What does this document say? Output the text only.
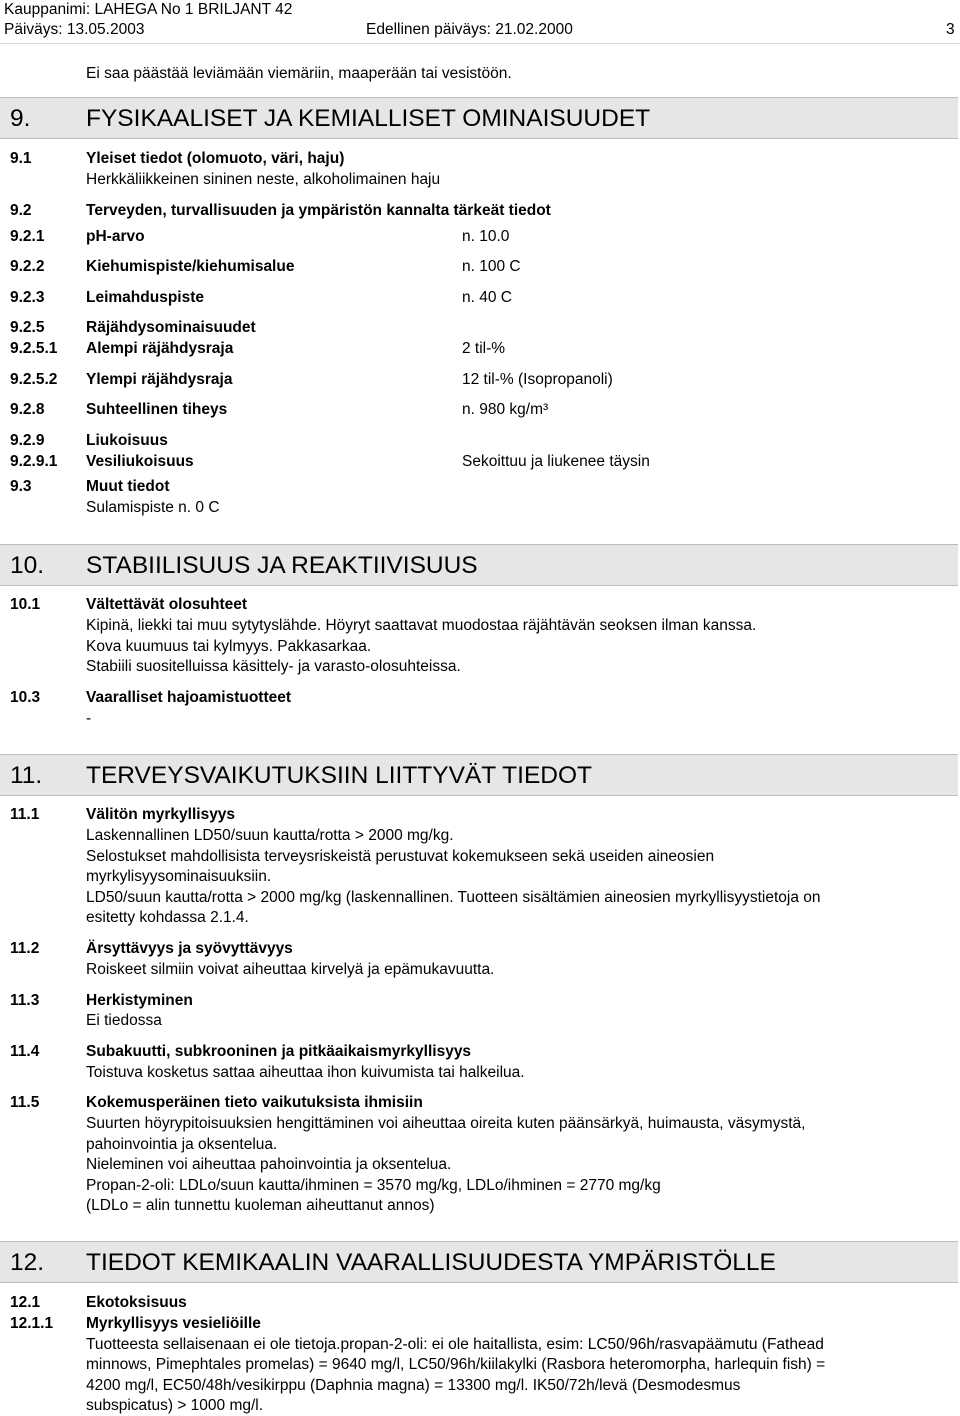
Kauppanimi: LAHEGA No 1 BRILJANT 42
Päiväys: 13.05.2003	Edellinen päiväys: 21.02.2000	3
Ei saa päästää leviämään viemäriin, maaperään tai vesistöön.
9. FYSIKAALISET JA KEMIALLISET OMINAISUUDET
9.1	Yleiset tiedot (olomuoto, väri, haju)
Herkkäliikkeinen sininen neste, alkoholimainen haju
9.2	Terveyden, turvallisuuden ja ympäristön kannalta tärkeät tiedot
9.2.1	pH-arvo	n. 10.0
9.2.2	Kiehumispiste/kiehumisalue	n. 100 C
9.2.3	Leimahduspiste	n. 40 C
9.2.5	Räjähdysominaisuudet
9.2.5.1 Alempi räjähdysraja	2 til-%
9.2.5.2 Ylempi räjähdysraja	12 til-% (Isopropanoli)
9.2.8	Suhteellinen tiheys	n. 980 kg/m³
9.2.9	Liukoisuus
9.2.9.1 Vesiliukoisuus	Sekoittuu ja liukenee täysin
9.3	Muut tiedot
Sulamispiste n. 0 C
10. STABIILISUUS JA REAKTIIVISUUS
10.1	Vältettävät olosuhteet
Kipinä, liekki tai muu sytytyslähde. Höyryt saattavat muodostaa räjähtävän seoksen ilman kanssa.
Kova kuumuus tai kylmyys. Pakkasarkaa.
Stabiili suositelluissa käsittely- ja varasto-olosuhteissa.
10.3	Vaaralliset hajoamistuotteet
-
11. TERVEYSVAIKUTUKSIIN LIITTYVÄT TIEDOT
11.1	Välitön myrkyllisyys
Laskennallinen LD50/suun kautta/rotta > 2000 mg/kg.
Selostukset mahdollisista terveysriskeistä perustuvat kokemukseen sekä useiden aineosien
myrkylisyysominaisuuksiin.
LD50/suun kautta/rotta > 2000 mg/kg (laskennallinen. Tuotteen sisältämien aineosien myrkyllisyystietoja on
esitetty kohdassa 2.1.4.
11.2	Ärsyttävyys ja syövyttävyys
Roiskeet silmiin voivat aiheuttaa kirvelyä ja epämukavuutta.
11.3	Herkistyminen
Ei tiedossa
11.4	Subakuutti, subkrooninen ja pitkäaikaismyrkyllisyys
Toistuva kosketus sattaa aiheuttaa ihon kuivumista tai halkeilua.
11.5	Kokemusperäinen tieto vaikutuksista ihmisiin
Suurten höyrypitoisuuksien hengittäminen voi aiheuttaa oireita kuten päänsärkyä, huimausta, väsymystä,
pahoinvointia ja oksentelua.
Nieleminen voi aiheuttaa pahoinvointia ja oksentelua.
Propan-2-oli: LDLo/suun kautta/ihminen = 3570 mg/kg, LDLo/ihminen = 2770 mg/kg
(LDLo = alin tunnettu kuoleman aiheuttanut annos)
12. TIEDOT KEMIKAALIN VAARALLISUUDESTA YMPÄRISTÖLLE
12.1	Ekotoksisuus
12.1.1 Myrkyllisyys vesieliöille
Tuotteesta sellaisenaan ei ole tietoja.propan-2-oli: ei ole haitallista, esim: LC50/96h/rasvapäämutu (Fathead
minnows, Pimephtales promelas) = 9640 mg/l, LC50/96h/kiilakylki (Rasbora heteromorpha, harlequin fish) =
4200 mg/l, EC50/48h/vesikirppu (Daphnia magna) = 13300 mg/l. IK50/72h/levä (Desmodesmus
subspicatus) > 1000 mg/l.
